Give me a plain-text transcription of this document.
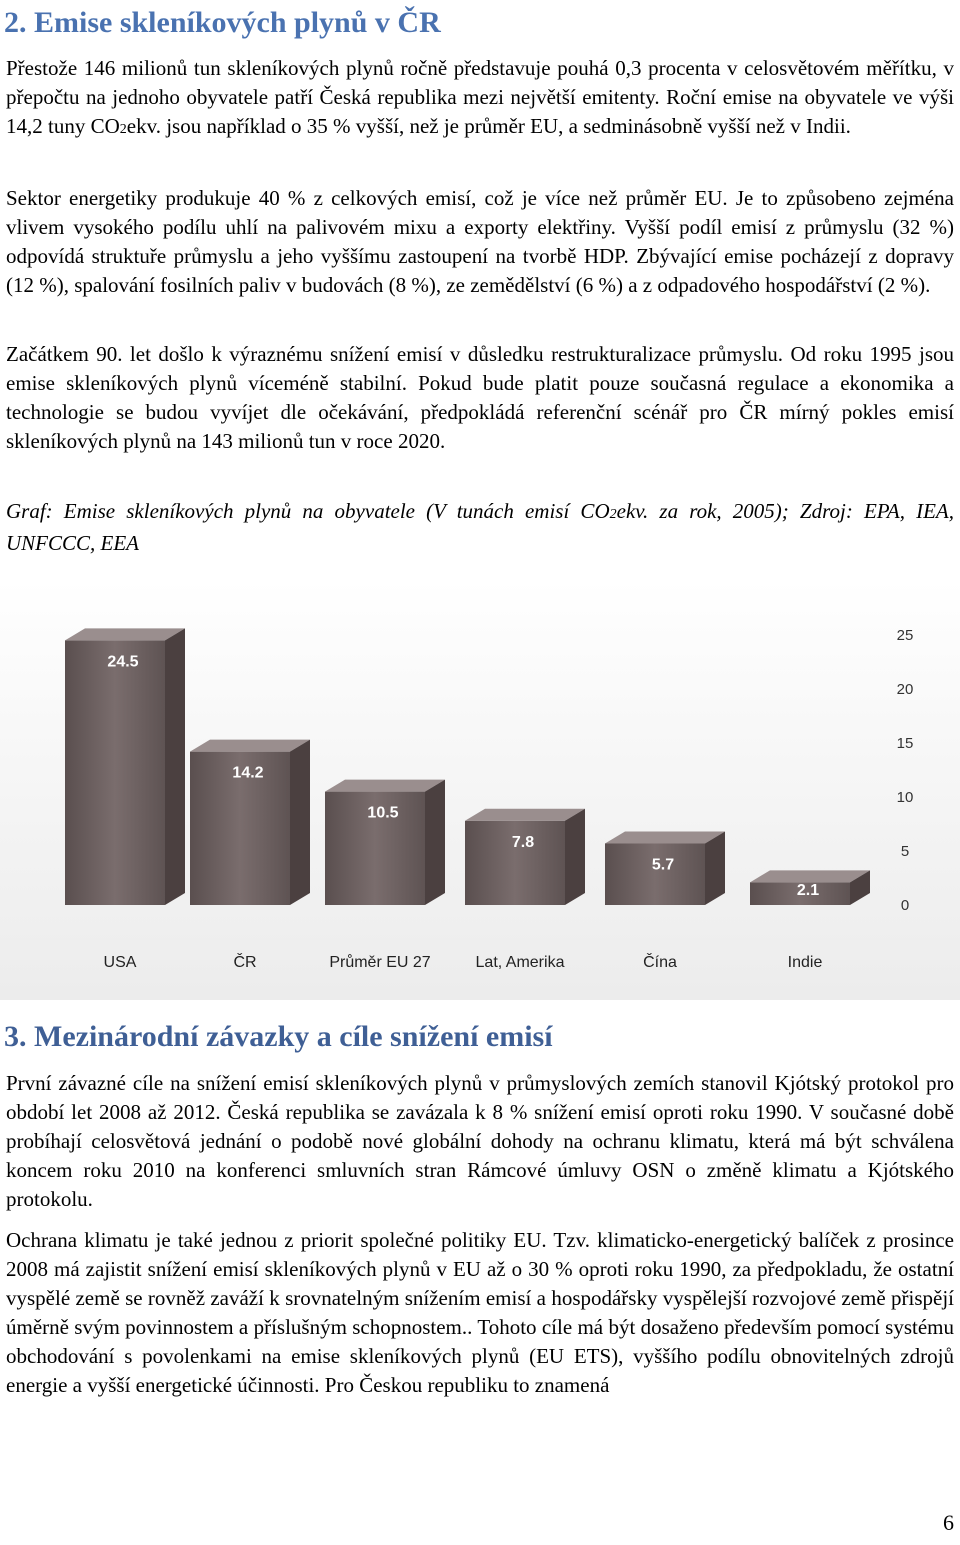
2. Emise skleníkových plynů v ČR

Přestože 146 milionů tun skleníkových plynů ročně představuje pouhá 0,3 procenta v celosvětovém měřítku, v přepočtu na jednoho obyvatele patří Česká republika mezi největší emitenty. Roční emise na obyvatele ve výši 14,2 tuny CO2ekv. jsou například o 35 % vyšší, než je průměr EU, a sedminásobně vyšší než v Indii.

Sektor energetiky produkuje 40 % z celkových emisí, což je více než průměr EU. Je to způsobeno zejména vlivem vysokého podílu uhlí na palivovém mixu a exporty elektřiny. Vyšší podíl emisí z průmyslu (32 %) odpovídá struktuře průmyslu a jeho vyššímu zastoupení na tvorbě HDP. Zbývající emise pocházejí z dopravy (12 %), spalování fosilních paliv v budovách (8 %), ze zemědělství (6 %) a z odpadového hospodářství (2 %).

Začátkem 90. let došlo k výraznému snížení emisí v důsledku restrukturalizace průmyslu. Od roku 1995 jsou emise skleníkových plynů víceméně stabilní. Pokud bude platit pouze současná regulace a ekonomika a technologie se budou vyvíjet dle očekávání, předpokládá referenční scénář pro ČR mírný pokles emisí skleníkových plynů na 143 milionů tun v roce 2020.

Graf: Emise skleníkových plynů na obyvatele (V tunách emisí CO2ekv. za rok, 2005); Zdroj: EPA, IEA, UNFCCC, EEA

0
5
10
15
20
25
24.5
USA
14.2
ČR
10.5
Průměr EU 27
7.8
Lat, Amerika
5.7
Čína
2.1
Indie
3. Mezinárodní závazky a cíle snížení emisí

První závazné cíle na snížení emisí skleníkových plynů v průmyslových zemích stanovil Kjótský protokol pro období let 2008 až 2012. Česká republika se zavázala k 8 % snížení emisí oproti roku 1990. V současné době probíhají celosvětová jednání o podobě nové globální dohody na ochranu klimatu, která má být schválena koncem roku 2010 na konferenci smluvních stran Rámcové úmluvy OSN o změně klimatu a Kjótského protokolu.

Ochrana klimatu je také jednou z priorit společné politiky EU. Tzv. klimaticko-energetický balíček z prosince 2008 má zajistit snížení emisí skleníkových plynů v EU až o 30 % oproti roku 1990, za předpokladu, že ostatní vyspělé země se rovněž zaváží k srovnatelným snížením emisí a hospodářsky vyspělejší rozvojové země přispějí úměrně svým povinnostem a příslušným schopnostem.. Tohoto cíle má být dosaženo především pomocí systému obchodování s povolenkami na emise skleníkových plynů (EU ETS), vyššího podílu obnovitelných zdrojů energie a vyšší energetické účinnosti. Pro Českou republiku to znamená

6
